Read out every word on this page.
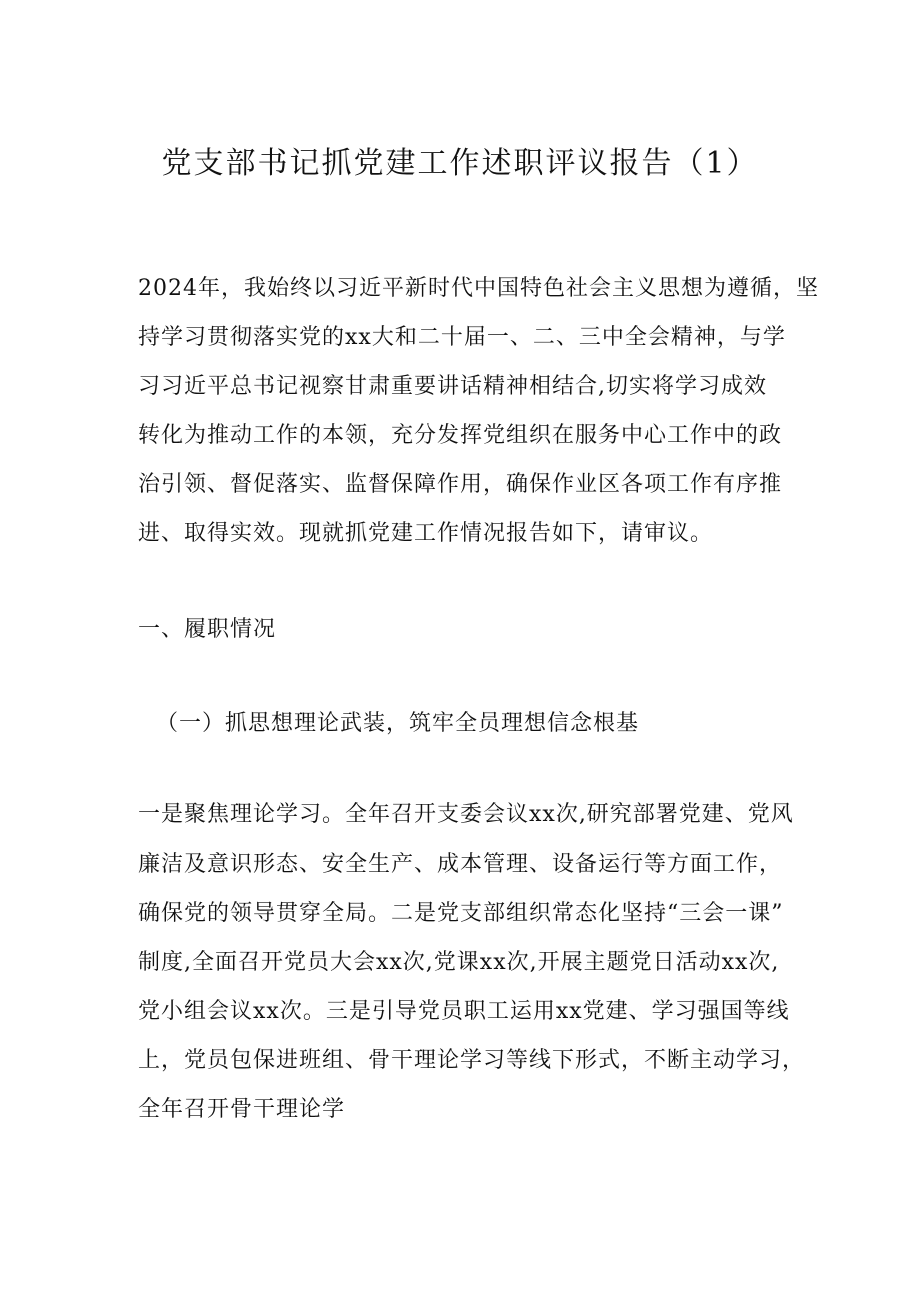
党支部书记抓党建工作述职评议报告（1）
2024年，我始终以习近平新时代中国特色社会主义思想为遵循，坚
持学习贯彻落实党的xx大和二十届一、二、三中全会精神，与学
习习近平总书记视察甘肃重要讲话精神相结合,切实将学习成效
转化为推动工作的本领，充分发挥党组织在服务中心工作中的政
治引领、督促落实、监督保障作用，确保作业区各项工作有序推
进、取得实效。现就抓党建工作情况报告如下，请审议。
一、履职情况
（一）抓思想理论武装，筑牢全员理想信念根基
一是聚焦理论学习。全年召开支委会议xx次,研究部署党建、党风
廉洁及意识形态、安全生产、成本管理、设备运行等方面工作，
确保党的领导贯穿全局。二是党支部组织常态化坚持“三会一课”
制度,全面召开党员大会xx次,党课xx次,开展主题党日活动xx次,
党小组会议xx次。三是引导党员职工运用xx党建、学习强国等线
上，党员包保进班组、骨干理论学习等线下形式，不断主动学习，
全年召开骨干理论学
